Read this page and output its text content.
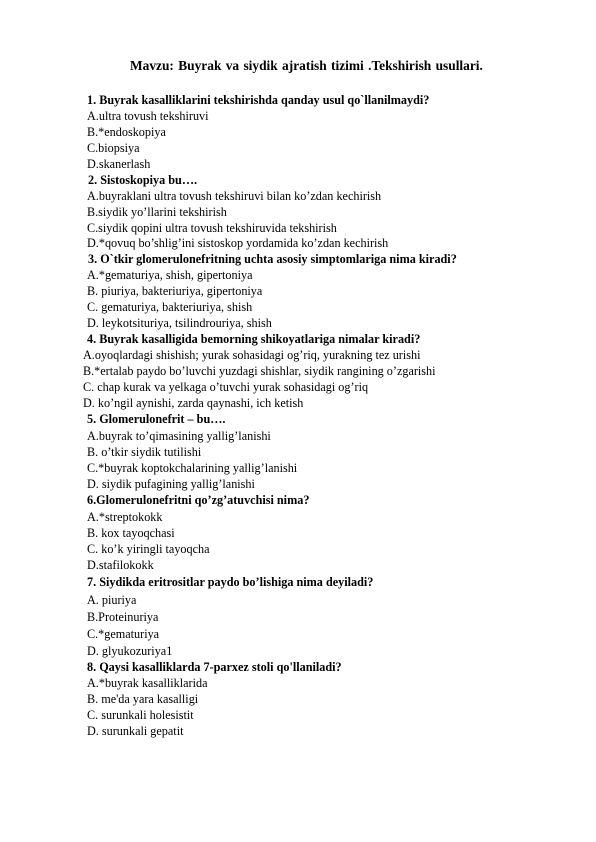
Mavzu: Buyrak va siydik ajratish tizimi .Tekshirish usullari.
1. Buyrak kasalliklarini tekshirishda qanday usul qo`llanilmaydi?
A.ultra tovush tekshiruvi
B.*endoskopiya
C.biopsiya
D.skanerlash
2. Sistoskopiya bu….
A.buyraklani ultra tovush tekshiruvi bilan ko’zdan kechirish
B.siydik yo’llarini tekshirish
C.siydik qopini ultra tovush tekshiruvida tekshirish
D.*qovuq bo’shlig’ini sistoskop yordamida ko’zdan kechirish
3. O`tkir glomerulonefritning uchta asosiy simptomlariga nima kiradi?
A.*gematuriya, shish, gipertoniya
B. piuriya, bakteriuriya, gipertoniya
C. gematuriya, bakteriuriya, shish
D. leykotsituriya, tsilindrouriya, shish
4. Buyrak kasalligida bemorning shikoyatlariga nimalar kiradi?
A.oyoqlardagi shishish; yurak sohasidagi og’riq, yurakning tez urishi
B.*ertalab paydo bo’luvchi yuzdagi shishlar, siydik rangining o’zgarishi
C. chap kurak va yelkaga o’tuvchi yurak sohasidagi og’riq
D. ko’ngil aynishi, zarda qaynashi, ich ketish
5. Glomerulonefrit – bu….
A.buyrak to’qimasining yallig’lanishi
B. o’tkir siydik tutilishi
C.*buyrak koptokchalarining yallig’lanishi
D. siydik pufagining yallig’lanishi
6.Glomerulonefritni qo’zg’atuvchisi nima?
A.*streptokokk
B. kox tayoqchasi
C. ko’k yiringli tayoqcha
D.stafilokokk
7. Siydikda eritrositlar paydo bo’lishiga nima deyiladi?
A. piuriya
B.Proteinuriya
C.*gematuriya
D. glyukozuriya1
8. Qaysi kasalliklarda 7-parxez stoli qo'llaniladi?
A.*buyrak kasalliklarida
B. me'da yara kasalligi
C. surunkali holesistit
D. surunkali gepatit
